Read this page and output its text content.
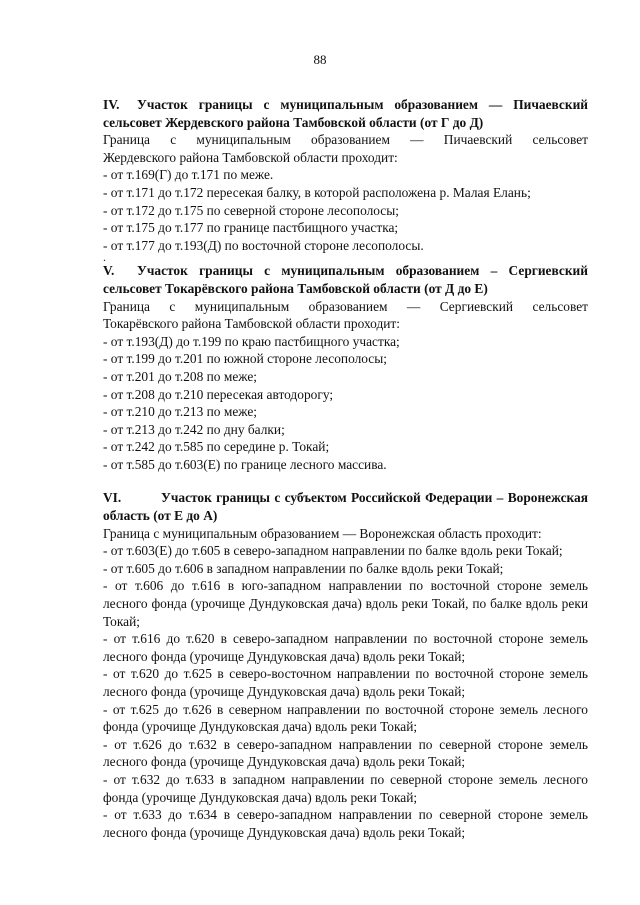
88
IV. Участок границы с муниципальным образованием — Пичаевский сельсовет Жердевского района Тамбовской области (от Г до Д)
Граница с муниципальным образованием — Пичаевский сельсовет
Жердевского района Тамбовской области проходит:
- от т.169(Г) до т.171 по меже.
- от т.171 до т.172 пересекая балку, в которой расположена р. Малая Елань;
- от т.172 до т.175 по северной стороне лесополосы;
- от т.175 до т.177 по границе пастбищного участка;
- от т.177 до т.193(Д) по восточной стороне лесополосы.
.
V. Участок границы с муниципальным образованием – Сергиевский сельсовет Токарёвского района Тамбовской области (от Д до Е)
Граница с муниципальным образованием — Сергиевский сельсовет
Токарёвского района Тамбовской области проходит:
- от т.193(Д) до т.199 по краю пастбищного участка;
- от т.199 до т.201 по южной стороне лесополосы;
- от т.201 до т.208 по меже;
- от т.208 до т.210 пересекая автодорогу;
- от т.210 до т.213 по меже;
- от т.213 до т.242 по дну балки;
- от т.242 до т.585 по середине р. Токай;
- от т.585 до т.603(Е) по границе лесного массива.
VI.	Участок границы с субъектом Российской Федерации – Воронежская область (от Е до А)
Граница с муниципальным образованием — Воронежская область проходит:
- от т.603(Е) до т.605 в северо-западном направлении по балке вдоль реки Токай;
- от т.605 до т.606 в западном направлении по балке вдоль реки Токай;
- от т.606 до т.616 в юго-западном направлении по восточной стороне земель лесного фонда (урочище Дундуковская дача) вдоль реки Токай, по балке вдоль реки Токай;
- от т.616 до т.620 в северо-западном направлении по восточной стороне земель лесного фонда (урочище Дундуковская дача) вдоль реки Токай;
- от т.620 до т.625 в северо-восточном направлении по восточной стороне земель лесного фонда (урочище Дундуковская дача) вдоль реки Токай;
- от т.625 до т.626 в северном направлении по восточной стороне земель лесного фонда (урочище Дундуковская дача) вдоль реки Токай;
- от т.626 до т.632 в северо-западном направлении по северной стороне земель лесного фонда (урочище Дундуковская дача) вдоль реки Токай;
- от т.632 до т.633 в западном направлении по северной стороне земель лесного фонда (урочище Дундуковская дача) вдоль реки Токай;
- от т.633 до т.634 в северо-западном направлении по северной стороне земель лесного фонда (урочище Дундуковская дача) вдоль реки Токай;
